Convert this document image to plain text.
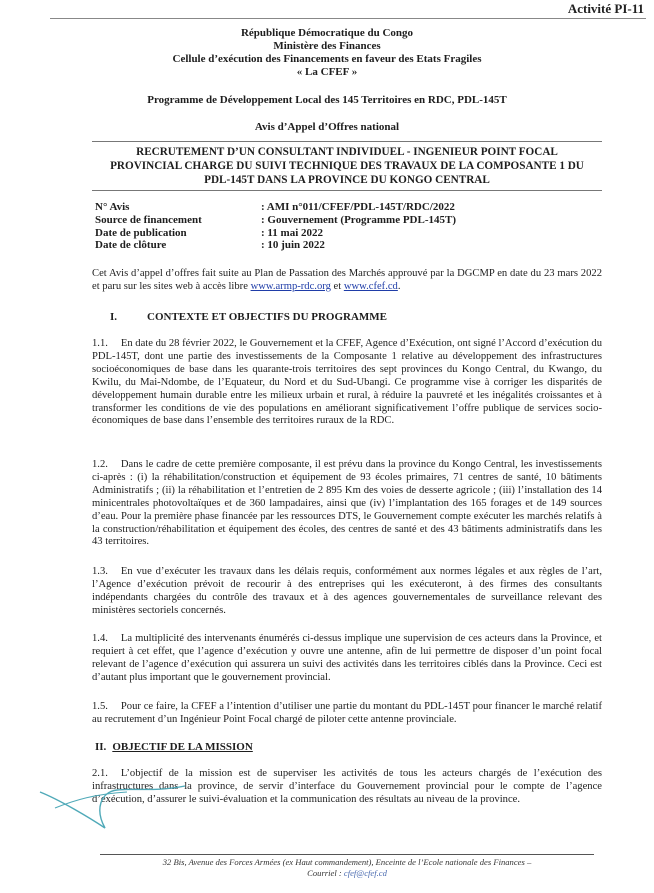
Activité PI-11
République Démocratique du Congo
Ministère des Finances
Cellule d’exécution des Financements en faveur des Etats Fragiles
« La CFEF »
Programme de Développement Local des 145 Territoires en RDC, PDL-145T
Avis d’Appel d’Offres national
RECRUTEMENT D’UN CONSULTANT INDIVIDUEL - INGENIEUR POINT FOCAL
PROVINCIAL CHARGE DU SUIVI TECHNIQUE DES TRAVAUX DE LA COMPOSANTE 1 DU
PDL-145T DANS LA PROVINCE DU KONGO CENTRAL
N° Avis	: AMI n°011/CFEF/PDL-145T/RDC/2022
Source de financement	: Gouvernement (Programme PDL-145T)
Date de publication	: 11 mai 2022
Date de clôture	: 10 juin 2022
Cet Avis d’appel d’offres fait suite au Plan de Passation des Marchés approuvé par la DGCMP en date du 23 mars 2022 et paru sur les sites web à accès libre www.armp-rdc.org et www.cfef.cd.
I.	CONTEXTE ET OBJECTIFS DU PROGRAMME
1.1. En date du 28 février 2022, le Gouvernement et la CFEF, Agence d’Exécution, ont signé l’Accord d’exécution du PDL-145T, dont une partie des investissements de la Composante 1 relative au développement des infrastructures socioéconomiques de base dans les quarante-trois territoires des sept provinces du Kongo Central, du Kwango, du Kwilu, du Mai-Ndombe, de l’Equateur, du Nord et du Sud-Ubangi. Ce programme vise à corriger les disparités de développement humain durable entre les milieux urbain et rural, à réduire la pauvreté et les inégalités croissantes et à transformer les conditions de vie des populations en améliorant significativement l’offre publique de services socio-économiques de base dans l’ensemble des territoires ruraux de la RDC.
1.2. Dans le cadre de cette première composante, il est prévu dans la province du Kongo Central, les investissements ci-après : (i) la réhabilitation/construction et équipement de 93 écoles primaires, 71 centres de santé, 10 bâtiments Administratifs ; (ii) la réhabilitation et l’entretien de 2 895 Km des voies de desserte agricole ; (iii) l’installation des 14 minicentrales photovoltaïques et de 360 lampadaires, ainsi que (iv) l’implantation des 165 forages et de 149 sources d’eau. Pour la première phase financée par les ressources DTS, le Gouvernement compte exécuter les marchés relatifs à la construction/réhabilitation et équipement des écoles, des centres de santé et des 43 bâtiments administratifs dans les 43 territoires.
1.3. En vue d’exécuter les travaux dans les délais requis, conformément aux normes légales et aux règles de l’art, l’Agence d’exécution prévoit de recourir à des entreprises qui les exécuteront, à des firmes des consultants indépendants chargées du contrôle des travaux et à des agences gouvernementales de surveillance relevant des ministères sectoriels concernés.
1.4. La multiplicité des intervenants énumérés ci-dessus implique une supervision de ces acteurs dans la Province, et requiert à cet effet, que l’agence d’exécution y ouvre une antenne, afin de lui permettre de disposer d’un point focal relevant de l’agence d’exécution qui assurera un suivi des activités dans les territoires ciblés dans la Province. Ceci est d’autant plus important que le gouvernement provincial.
1.5. Pour ce faire, la CFEF a l’intention d’utiliser une partie du montant du PDL-145T pour financer le marché relatif au recrutement d’un Ingénieur Point Focal chargé de piloter cette antenne provinciale.
II. OBJECTIF DE LA MISSION
2.1. L’objectif de la mission est de superviser les activités de tous les acteurs chargés de l’exécution des infrastructures dans la province, de servir d’interface du Gouvernement provincial pour le compte de l’agence d’exécution, d’assurer le suivi-évaluation et la communication des résultats au niveau de la province.
32 Bis, Avenue des Forces Armées (ex Haut commandement), Enceinte de l’Ecole nationale des Finances –
Courriel : cfef@cfef.cd
